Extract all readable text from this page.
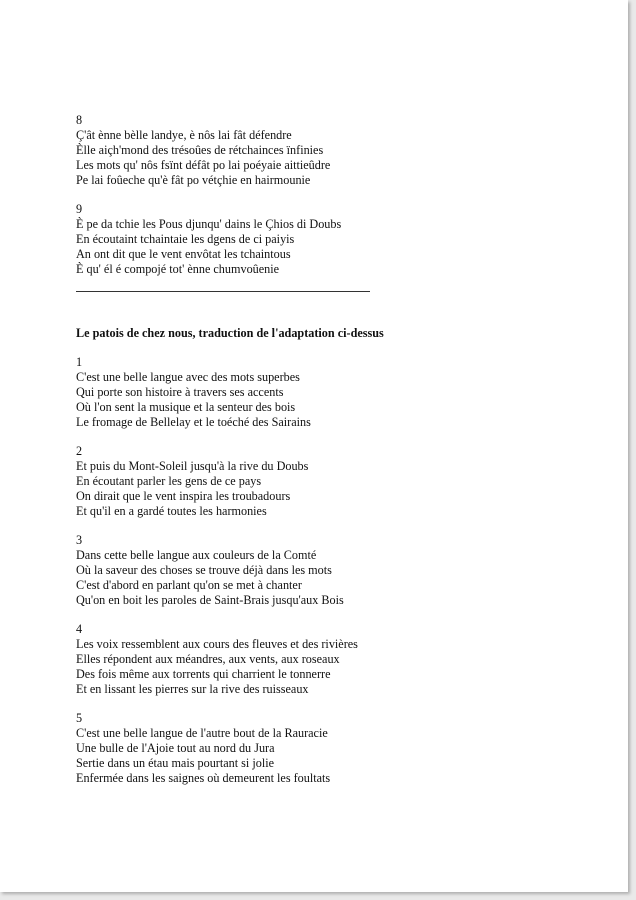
8
Ç'ât ènne bèlle landye, è nôs lai fât défendre
Èlle aiçh'mond des trésoûes de rétchainces ïnfinies
Les mots qu' nôs fsïnt défât po lai poéyaie aittieûdre
Pe lai foûeche qu'è fât po vétçhie en hairmounie
9
È pe da tchie les Pous djunqu' dains le Çhios di Doubs
En écoutaint tchaintaie les dgens de ci paiyis
An ont dit que le vent envôtat les tchaintous
È qu' él é compojé tot' ènne chumvoûenie
Le patois de chez nous, traduction de l'adaptation ci-dessus
1
C'est une belle langue avec des mots superbes
Qui porte son histoire à travers ses accents
Où l'on sent la musique et la senteur des bois
Le fromage de Bellelay et le toéché des Sairains
2
Et puis du Mont-Soleil jusqu'à la rive du Doubs
En écoutant parler les gens de ce pays
On dirait que le vent inspira les troubadours
Et qu'il en a gardé toutes les harmonies
3
Dans cette belle langue aux couleurs de la Comté
Où la saveur des choses se trouve déjà dans les mots
C'est d'abord en parlant qu'on se met à chanter
Qu'on en boit les paroles de Saint-Brais jusqu'aux Bois
4
Les voix ressemblent aux cours des fleuves et des rivières
Elles répondent aux méandres, aux vents, aux roseaux
Des fois même aux torrents qui charrient le tonnerre
Et en lissant les pierres sur la rive des ruisseaux
5
C'est une belle langue de l'autre bout de la Rauracie
Une bulle de l'Ajoie tout au nord du Jura
Sertie dans un étau mais pourtant si jolie
Enfermée dans les saignes où demeurent les foultats
